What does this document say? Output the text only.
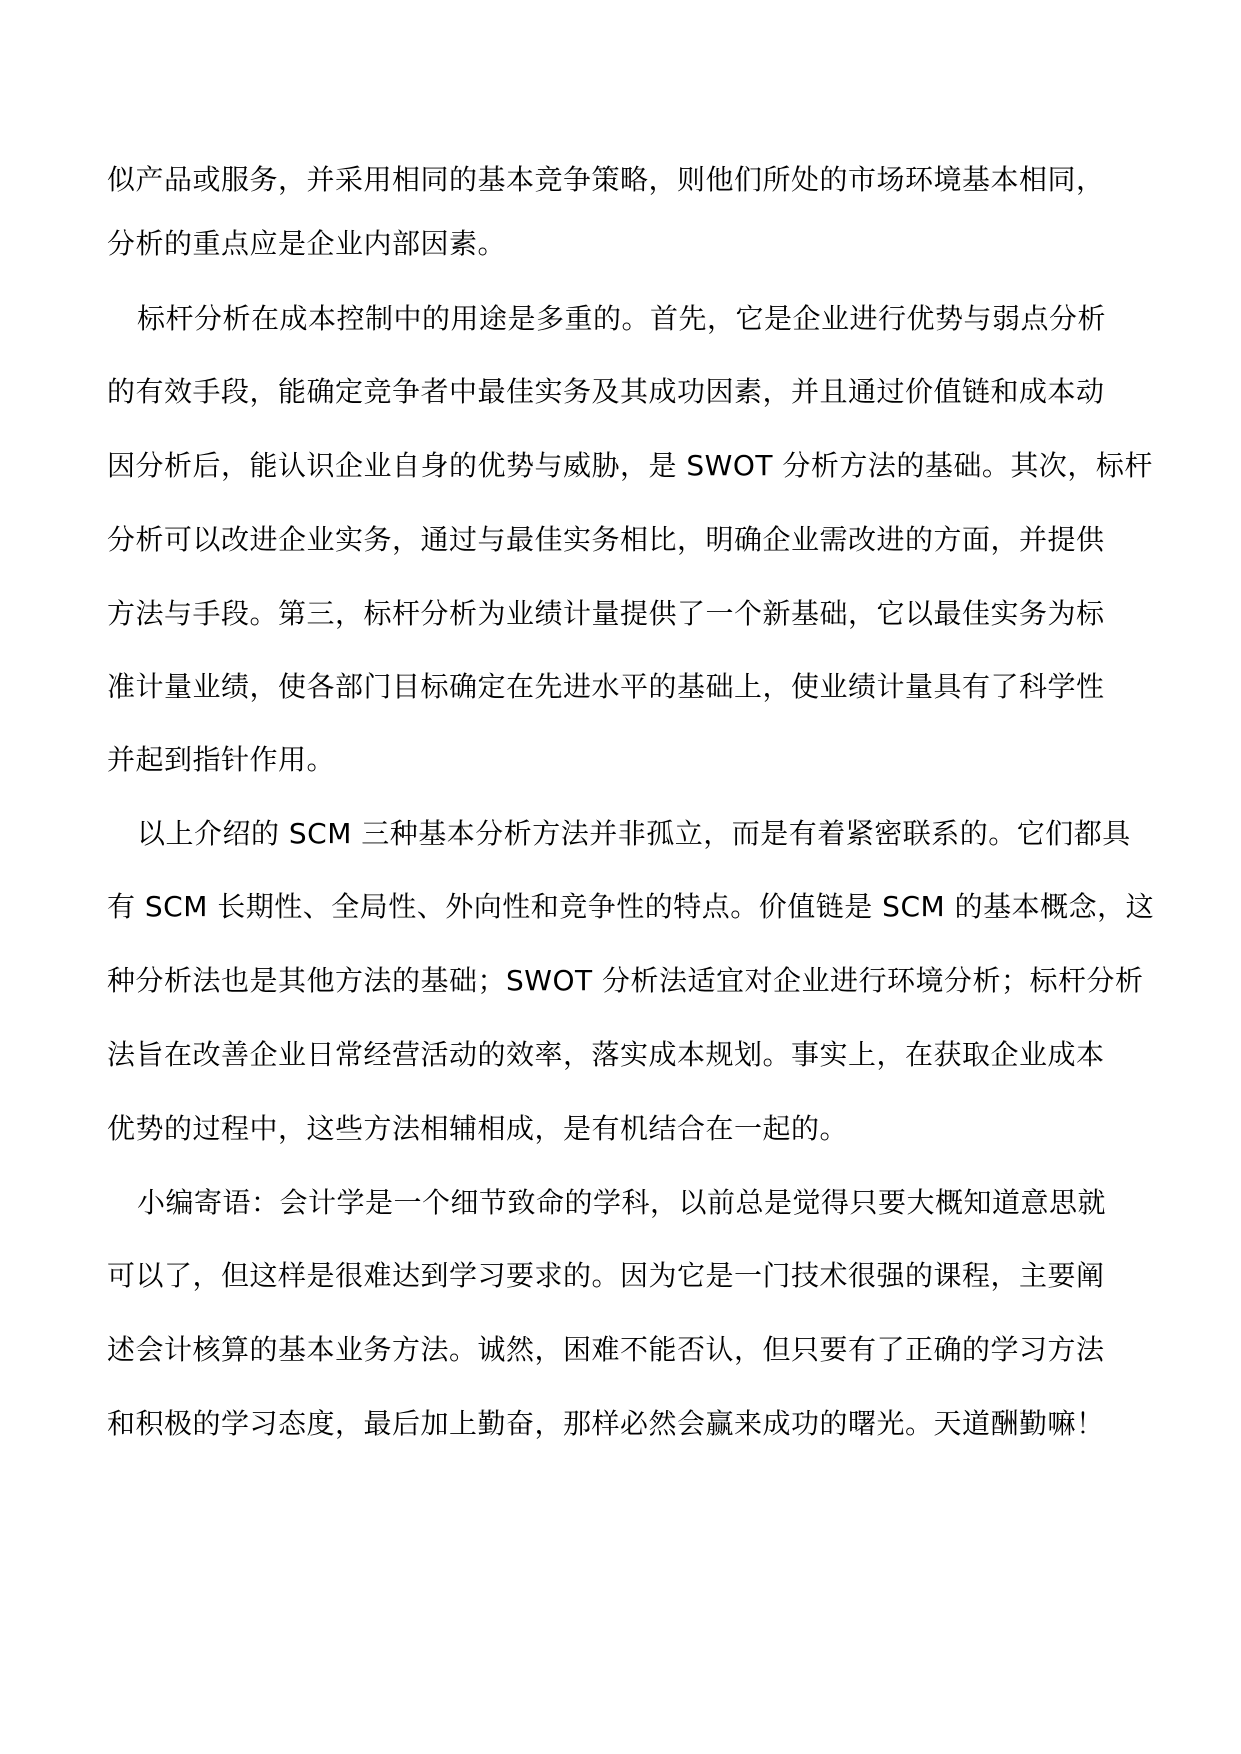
似产品或服务，并采用相同的基本竞争策略，则他们所处的市场环境基本相同，
分析的重点应是企业内部因素。
标杆分析在成本控制中的用途是多重的。首先，它是企业进行优势与弱点分析
的有效手段，能确定竞争者中最佳实务及其成功因素，并且通过价值链和成本动
因分析后，能认识企业自身的优势与威胁，是 SWOT 分析方法的基础。其次，标杆
分析可以改进企业实务，通过与最佳实务相比，明确企业需改进的方面，并提供
方法与手段。第三，标杆分析为业绩计量提供了一个新基础，它以最佳实务为标
准计量业绩，使各部门目标确定在先进水平的基础上，使业绩计量具有了科学性
并起到指针作用。
以上介绍的 SCM 三种基本分析方法并非孤立，而是有着紧密联系的。它们都具
有 SCM 长期性、全局性、外向性和竞争性的特点。价值链是 SCM 的基本概念，这
种分析法也是其他方法的基础；SWOT 分析法适宜对企业进行环境分析；标杆分析
法旨在改善企业日常经营活动的效率，落实成本规划。事实上，在获取企业成本
优势的过程中，这些方法相辅相成，是有机结合在一起的。
小编寄语：会计学是一个细节致命的学科，以前总是觉得只要大概知道意思就
可以了，但这样是很难达到学习要求的。因为它是一门技术很强的课程，主要阐
述会计核算的基本业务方法。诚然，困难不能否认，但只要有了正确的学习方法
和积极的学习态度，最后加上勤奋，那样必然会赢来成功的曙光。天道酬勤嘛！
